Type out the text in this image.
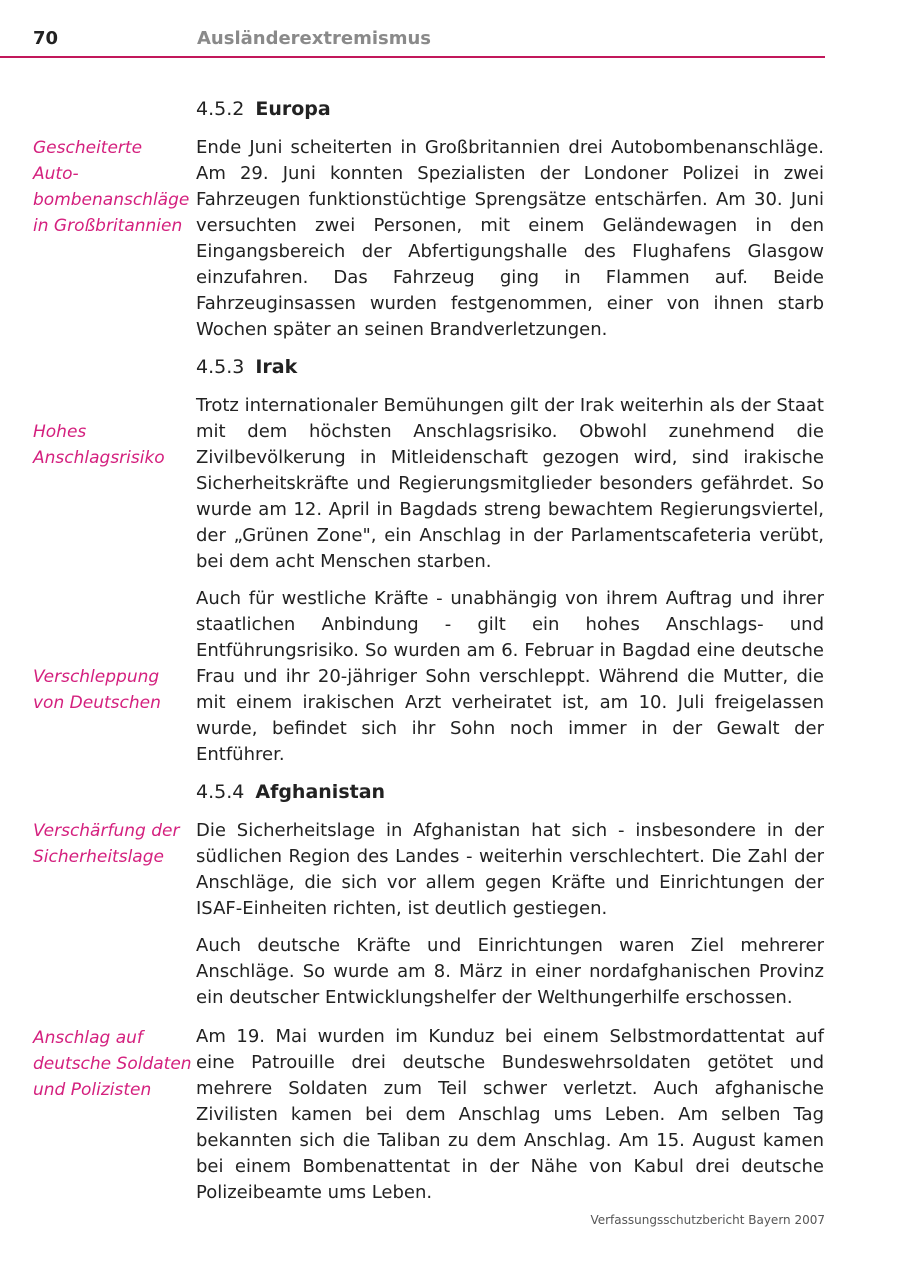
70	Ausländerextremismus
4.5.2 Europa
Gescheiterte Auto-
bombenanschläge
in Großbritannien

Ende Juni scheiterten in Großbritannien drei Autobombenanschläge. Am 29. Juni konnten Spezialisten der Londoner Polizei in zwei Fahrzeugen funktionstüchtige Sprengsätze entschärfen. Am 30. Juni versuchten zwei Personen, mit einem Geländewagen in den Eingangsbereich der Abfertigungshalle des Flughafens Glasgow einzufahren. Das Fahrzeug ging in Flammen auf. Beide Fahrzeuginsassen wurden festgenommen, einer von ihnen starb Wochen später an seinen Brandverletzungen.

4.5.3 Irak
Hohes
Anschlagsrisiko

Trotz internationaler Bemühungen gilt der Irak weiterhin als der Staat mit dem höchsten Anschlagsrisiko. Obwohl zunehmend die Zivilbevölkerung in Mitleidenschaft gezogen wird, sind irakische Sicherheitskräfte und Regierungsmitglieder besonders gefährdet. So wurde am 12. April in Bagdads streng bewachtem Regierungsviertel, der „Grünen Zone", ein Anschlag in der Parlamentscafeteria verübt, bei dem acht Menschen starben.

Verschleppung
von Deutschen

Auch für westliche Kräfte - unabhängig von ihrem Auftrag und ihrer staatlichen Anbindung - gilt ein hohes Anschlags- und Entführungsrisiko. So wurden am 6. Februar in Bagdad eine deutsche Frau und ihr 20-jähriger Sohn verschleppt. Während die Mutter, die mit einem irakischen Arzt verheiratet ist, am 10. Juli freigelassen wurde, befindet sich ihr Sohn noch immer in der Gewalt der Entführer.

4.5.4 Afghanistan
Verschärfung der
Sicherheitslage

Die Sicherheitslage in Afghanistan hat sich - insbesondere in der südlichen Region des Landes - weiterhin verschlechtert. Die Zahl der Anschläge, die sich vor allem gegen Kräfte und Einrichtungen der ISAF-Einheiten richten, ist deutlich gestiegen.

Auch deutsche Kräfte und Einrichtungen waren Ziel mehrerer Anschläge. So wurde am 8. März in einer nordafghanischen Provinz ein deutscher Entwicklungshelfer der Welthungerhilfe erschossen.

Anschlag auf
deutsche Soldaten
und Polizisten

Am 19. Mai wurden im Kunduz bei einem Selbstmordattentat auf eine Patrouille drei deutsche Bundeswehrsoldaten getötet und mehrere Soldaten zum Teil schwer verletzt. Auch afghanische Zivilisten kamen bei dem Anschlag ums Leben. Am selben Tag bekannten sich die Taliban zu dem Anschlag. Am 15. August kamen bei einem Bombenattentat in der Nähe von Kabul drei deutsche Polizeibeamte ums Leben.

Verfassungsschutzbericht Bayern 2007
